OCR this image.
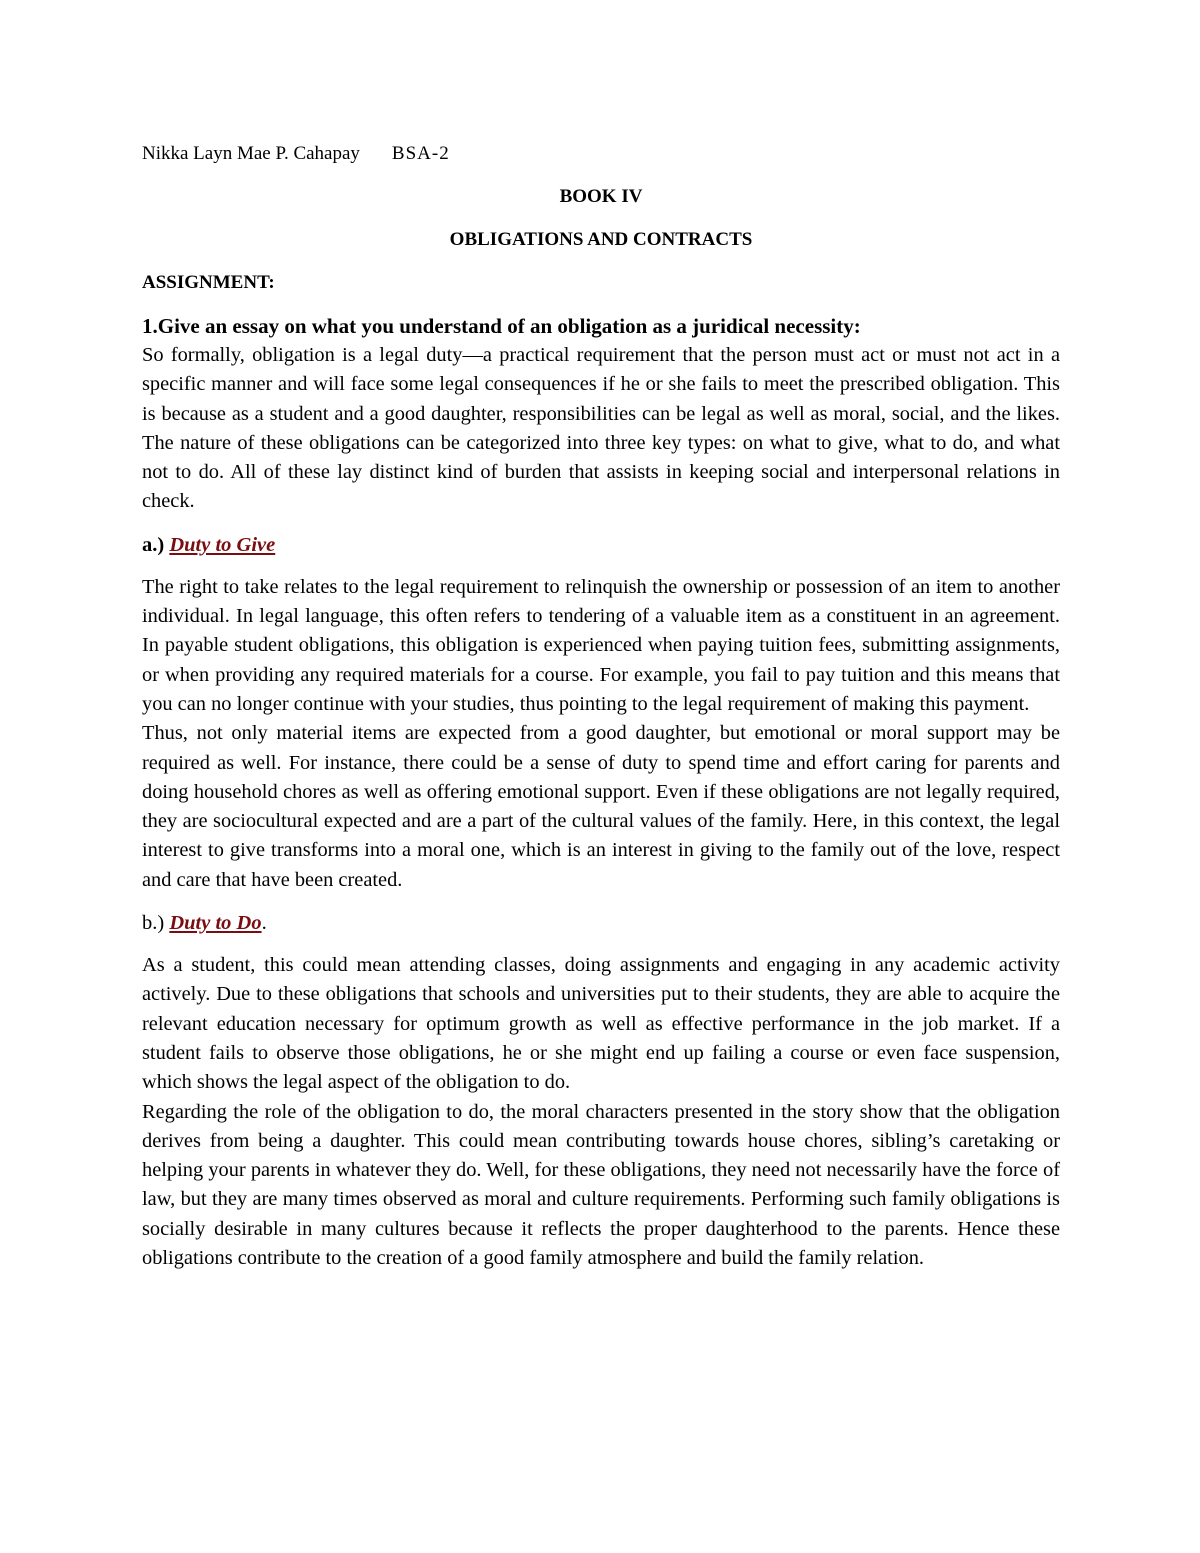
Nikka Layn Mae P. Cahapay BSA-2
BOOK IV
OBLIGATIONS AND CONTRACTS
ASSIGNMENT:
1.Give an essay on what you understand of an obligation as a juridical necessity:

So formally, obligation is a legal duty—a practical requirement that the person must act or must not act in a specific manner and will face some legal consequences if he or she fails to meet the prescribed obligation. This is because as a student and a good daughter, responsibilities can be legal as well as moral, social, and the likes. The nature of these obligations can be categorized into three key types: on what to give, what to do, and what not to do. All of these lay distinct kind of burden that assists in keeping social and interpersonal relations in check.

a.) Duty to Give

The right to take relates to the legal requirement to relinquish the ownership or possession of an item to another individual. In legal language, this often refers to tendering of a valuable item as a constituent in an agreement. In payable student obligations, this obligation is experienced when paying tuition fees, submitting assignments, or when providing any required materials for a course. For example, you fail to pay tuition and this means that you can no longer continue with your studies, thus pointing to the legal requirement of making this payment.

Thus, not only material items are expected from a good daughter, but emotional or moral support may be required as well. For instance, there could be a sense of duty to spend time and effort caring for parents and doing household chores as well as offering emotional support. Even if these obligations are not legally required, they are sociocultural expected and are a part of the cultural values of the family. Here, in this context, the legal interest to give transforms into a moral one, which is an interest in giving to the family out of the love, respect and care that have been created.

b.) Duty to Do.

As a student, this could mean attending classes, doing assignments and engaging in any academic activity actively. Due to these obligations that schools and universities put to their students, they are able to acquire the relevant education necessary for optimum growth as well as effective performance in the job market. If a student fails to observe those obligations, he or she might end up failing a course or even face suspension, which shows the legal aspect of the obligation to do.

Regarding the role of the obligation to do, the moral characters presented in the story show that the obligation derives from being a daughter. This could mean contributing towards house chores, sibling’s caretaking or helping your parents in whatever they do. Well, for these obligations, they need not necessarily have the force of law, but they are many times observed as moral and culture requirements. Performing such family obligations is socially desirable in many cultures because it reflects the proper daughterhood to the parents. Hence these obligations contribute to the creation of a good family atmosphere and build the family relation.
